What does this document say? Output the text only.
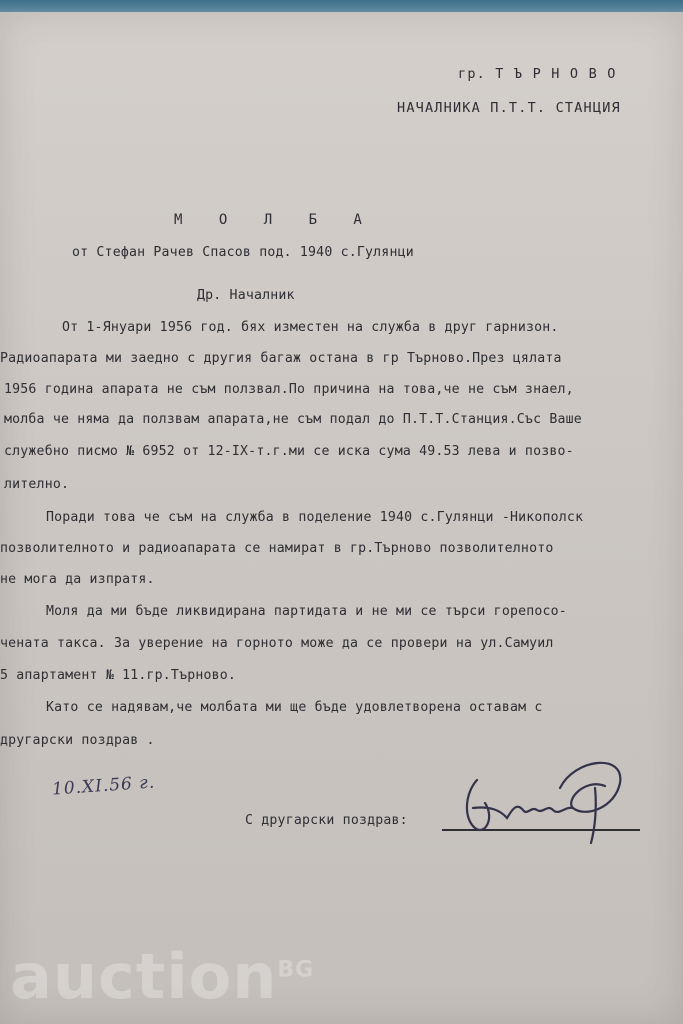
гр. Т Ъ Р Н О В О
НАЧАЛНИКА П.Т.Т. СТАНЦИЯ
М О Л Б А
от Стефан Рачев Спасов под. 1940 с.Гулянци
Др. Началник
От 1-Януари 1956 год. бях изместен на служба в друг гарнизон.
Радиоапарата ми заедно с другия багаж остана в гр Търново.През цялата
1956 година апарата не съм ползвал.По причина на това,че не съм знаел,
молба че няма да ползвам апарата,не съм подал до П.Т.Т.Станция.Със Ваше
служебно писмо № 6952 от 12-IX-т.г.ми се иска сума 49.53 лева и позво-
лително.
Поради това че съм на служба в поделение 1940 с.Гулянци -Никополск
позволителното и радиоапарата се намират в гр.Търново позволителното
не мога да изпратя.
Моля да ми бъде ликвидирана партидата и не ми се търси горепосо-
чената такса. За уверение на горното може да се провери на ул.Самуил
5 апартамент № 11.гр.Търново.
Като се надявам,че молбата ми ще бъде удовлетворена оставам с
другарски поздрав .
10.XI.56 г.
С другарски поздрав:
auction$^{BG}$
